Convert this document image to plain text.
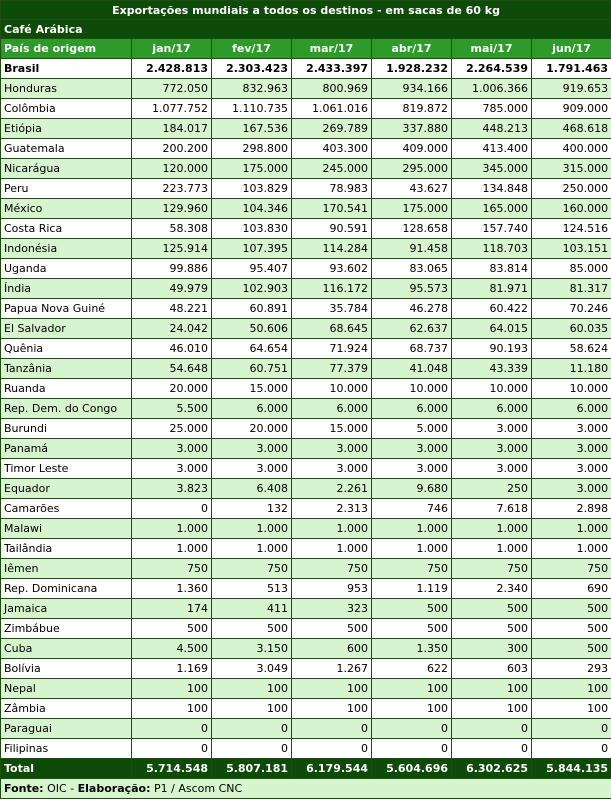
Exportações mundiais a todos os destinos - em sacas de 60 kg						
Café Arábica						
País de origem	jan/17	fev/17	mar/17	abr/17	mai/17	jun/17
Brasil	2.428.813	2.303.423	2.433.397	1.928.232	2.264.539	1.791.463
Honduras	772.050	832.963	800.969	934.166	1.006.366	919.653
Colômbia	1.077.752	1.110.735	1.061.016	819.872	785.000	909.000
Etiópia	184.017	167.536	269.789	337.880	448.213	468.618
Guatemala	200.200	298.800	403.300	409.000	413.400	400.000
Nicarágua	120.000	175.000	245.000	295.000	345.000	315.000
Peru	223.773	103.829	78.983	43.627	134.848	250.000
México	129.960	104.346	170.541	175.000	165.000	160.000
Costa Rica	58.308	103.830	90.591	128.658	157.740	124.516
Indonésia	125.914	107.395	114.284	91.458	118.703	103.151
Uganda	99.886	95.407	93.602	83.065	83.814	85.000
Índia	49.979	102.903	116.172	95.573	81.971	81.317
Papua Nova Guiné	48.221	60.891	35.784	46.278	60.422	70.246
El Salvador	24.042	50.606	68.645	62.637	64.015	60.035
Quênia	46.010	64.654	71.924	68.737	90.193	58.624
Tanzânia	54.648	60.751	77.379	41.048	43.339	11.180
Ruanda	20.000	15.000	10.000	10.000	10.000	10.000
Rep. Dem. do Congo	5.500	6.000	6.000	6.000	6.000	6.000
Burundi	25.000	20.000	15.000	5.000	3.000	3.000
Panamá	3.000	3.000	3.000	3.000	3.000	3.000
Timor Leste	3.000	3.000	3.000	3.000	3.000	3.000
Equador	3.823	6.408	2.261	9.680	250	3.000
Camarões	0	132	2.313	746	7.618	2.898
Malawi	1.000	1.000	1.000	1.000	1.000	1.000
Tailândia	1.000	1.000	1.000	1.000	1.000	1.000
Iêmen	750	750	750	750	750	750
Rep. Dominicana	1.360	513	953	1.119	2.340	690
Jamaica	174	411	323	500	500	500
Zimbábue	500	500	500	500	500	500
Cuba	4.500	3.150	600	1.350	300	500
Bolívia	1.169	3.049	1.267	622	603	293
Nepal	100	100	100	100	100	100
Zâmbia	100	100	100	100	100	100
Paraguai	0	0	0	0	0	0
Filipinas	0	0	0	0	0	0
Total	5.714.548	5.807.181	6.179.544	5.604.696	6.302.625	5.844.135
Fonte: OIC - Elaboração: P1 / Ascom CNC						
